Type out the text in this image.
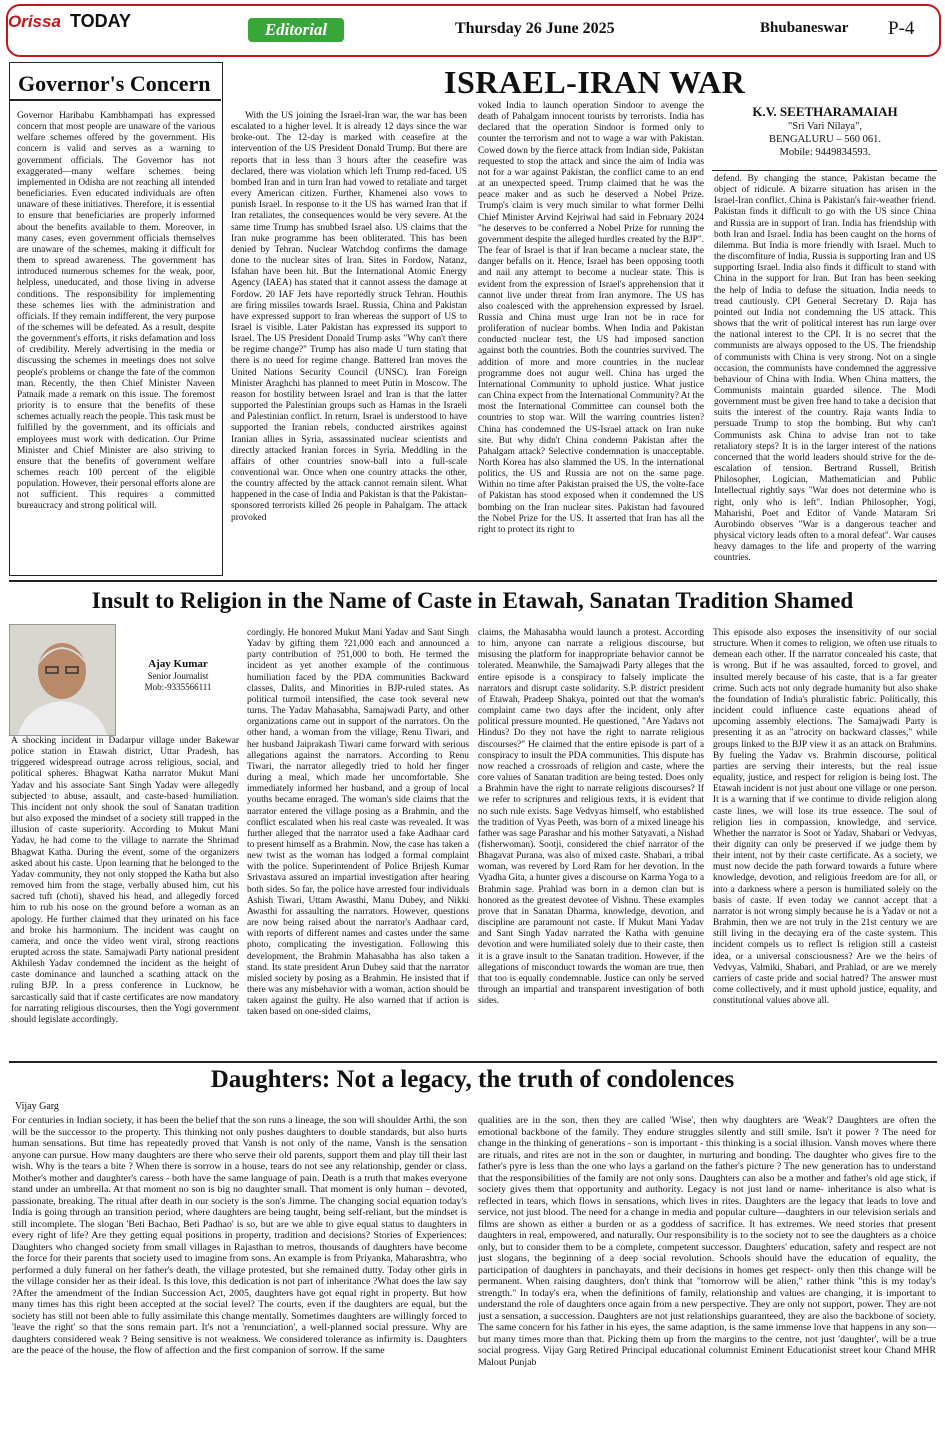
Orissa TODAY	Editorial	Thursday 26 June 2025	Bhubaneswar P-4
Governor's Concern

Governor Haribabu Kambhampati has expressed concern that most people are unaware of the various welfare schemes offered by the government. His concern is valid and serves as a warning to government officials. The Governor has not exaggerated—many welfare schemes being implemented in Odisha are not reaching all intended beneficiaries. Even educated individuals are often unaware of these initiatives. Therefore, it is essential to ensure that beneficiaries are properly informed about the benefits available to them. Moreover, in many cases, even government officials themselves are unaware of the schemes, making it difficult for them to spread awareness. The government has introduced numerous schemes for the weak, poor, helpless, uneducated, and those living in adverse conditions. The responsibility for implementing these schemes lies with the administration and officials. If they remain indifferent, the very purpose of the schemes will be defeated. As a result, despite the government's efforts, it risks defamation and loss of credibility. Merely advertising in the media or discussing the schemes in meetings does not solve people's problems or change the fate of the common man. Recently, the then Chief Minister Naveen Patnaik made a remark on this issue. The foremost priority is to ensure that the benefits of these schemes actually reach the people. This task must be fulfilled by the government, and its officials and employees must work with dedication. Our Prime Minister and Chief Minister are also striving to ensure that the benefits of government welfare schemes reach 100 percent of the eligible population. However, their personal efforts alone are not sufficient. This requires a committed bureaucracy and strong political will.

ISRAEL-IRAN WAR

With the US joining the Israel-Iran war, the war has been escalated to a higher level. It is already 12 days since the war broke-out. The 12-day is marked with ceasefire at the intervention of the US President Donald Trump. But there are reports that in less than 3 hours after the ceasefire was declared, there was violation which left Trump red-faced. US bombed Iran and in turn Iran had vowed to retaliate and target every American citizen. Further, Khamenei also vows to punish Israel. In response to it the US has warned Iran that if Iran retaliates, the consequences would be very severe. At the same time Trump has snubbed Israel also. US claims that the Iran nuke programme has been obliterated. This has been denied by Tehran. Nuclear Watchdog confirms the damage done to the nuclear sites of Iran. Sites in Fordow, Natanz, Isfahan have been hit. But the International Atomic Energy Agency (IAEA) has stated that it cannot assess the damage at Fordow. 20 IAF Jets have reportedly struck Tehran. Houthis are firing missiles towards Israel. Russia, China and Pakistan have expressed support to Iran whereas the support of US to Israel is visible. Later Pakistan has expressed its support to Israel. The US President Donald Trump asks "Why can't there be regime change?" Trump has also made U turn stating that there is no need for regime change. Battered Iran moves the United Nations Security Council (UNSC). Iran Foreign Minister Araghchi has planned to meet Putin in Moscow. The reason for hostility between Israel and Iran is that the latter supported the Palestinian groups such as Hamas in the Israeli and Palestinian conflict. In return, Israel is understood to have supported the Iranian rebels, conducted airstrikes against Iranian allies in Syria, assassinated nuclear scientists and directly attacked Iranian forces in Syria. Meddling in the affairs of other countries snow-ball into a full-scale conventional war. Once when one country attacks the other, the country affected by the attack cannot remain silent. What happened in the case of India and Pakistan is that the Pakistan-sponsored terrorists killed 26 people in Pahalgam. The attack provoked

voked India to launch operation Sindoor to avenge the death of Pahalgam innocent tourists by terrorists. India has declared that the operation Sindoor is formed only to counter the terrorism and not to wage a war with Pakistan. Cowed down by the fierce attack from Indian side, Pakistan requested to stop the attack and since the aim of India was not for a war against Pakistan, the conflict came to an end at an unexpected speed. Trump claimed that he was the peace maker and as such he deserved a Nobel Prize. Trump's claim is very much similar to what former Delhi Chief Minister Arvind Kejriwal had said in February 2024 "he deserves to be conferred a Nobel Prize for running the government despite the alleged hurdles created by the BJP". The fear of Israel is that if Iran became a nuclear state, the danger befalls on it. Hence, Israel has been opposing tooth and nail any attempt to become a nuclear state. This is evident from the expression of Israel's apprehension that it cannot live under threat from Iran anymore. The US has also coalesced with the apprehension expressed by Israel. Russia and China must urge Iran not be in race for proliferation of nuclear bombs. When India and Pakistan conducted nuclear test, the US had imposed sanction against both the countries. Both the countries survived. The addition of more and more countries in the nuclear programme does not augur well. China has urged the International Community to uphold justice. What justice can China expect from the International Community? At the most the International Committee can counsel both the countries to stop war. Will the warring countries listen? China has condemned the US-Israel attack on Iran nuke site. But why didn't China condemn Pakistan after the Pahalgam attack? Selective condemnation is unacceptable. North Korea has also slammed the US. In the international politics, the US and Russia are not on the same page. Within no time after Pakistan praised the US, the volte-face of Pakistan has stood exposed when it condemned the US bombing on the Iran nuclear sites. Pakistan had favoured the Nobel Prize for the US. It asserted that Iran has all the right to protect its right to

K.V. SEETHARAMAIAH
"Sri Vari Nilaya",
BENGALURU – 560 061.
Mobile: 9449834593.

defend. By changing the stance, Pakistan became the object of ridicule. A bizarre situation has arisen in the Israel-Iran conflict. China is Pakistan's fair-weather friend. Pakistan finds it difficult to go with the US since China and Russia are in support of Iran. India has friendship with both Iran and Israel. India has been caught on the horns of dilemma. But India is more friendly with Israel. Much to the discomfiture of India, Russia is supporting Iran and US supporting Israel. India also finds it difficult to stand with China in the support for Iran. But Iran has been seeking the help of India to defuse the situation. India needs to tread cautiously. CPI General Secretary D. Raja has pointed out India not condemning the US attack. This shows that the writ of political interest has run large over the national interest to the CPI. It is no secret that the communists are always opposed to the US. The friendship of communists with China is very strong. Not on a single occasion, the communists have condemned the aggressive behaviour of China with India. When China matters, the Communists maintain guarded silence. The Modi government must be given free hand to take a decision that suits the interest of the country. Raja wants India to persuade Trump to stop the bombing. But why can't Communists ask China to advise Iran not to take retaliatory steps? It is in the larger interest of the nations concerned that the world leaders should strive for the de-escalation of tension. Bertrand Russell, British Philosopher, Logician, Mathematician and Public Intellectual rightly says "War does not determine who is right, only who is left". Indian Philosopher, Yogi, Maharishi, Poet and Editor of Vande Mataram Sri Aurobindo observes "War is a dangerous teacher and physical victory leads often to a moral defeat". War causes heavy damages to the life and property of the warring countries.

Insult to Religion in the Name of Caste in Etawah, Sanatan Tradition Shamed
Ajay Kumar
Senior Journalist
Mob:-9335566111

A shocking incident in Dadarpur village under Bakewar police station in Etawah district, Uttar Pradesh, has triggered widespread outrage across religious, social, and political spheres. Bhagwat Katha narrator Mukut Mani Yadav and his associate Sant Singh Yadav were allegedly subjected to abuse, assault, and caste-based humiliation. This incident not only shook the soul of Sanatan tradition but also exposed the mindset of a society still trapped in the illusion of caste superiority. According to Mukut Mani Yadav, he had come to the village to narrate the Shrimad Bhagwat Katha. During the event, some of the organizers asked about his caste. Upon learning that he belonged to the Yadav community, they not only stopped the Katha but also removed him from the stage, verbally abused him, cut his sacred tuft (choti), shaved his head, and allegedly forced him to rub his nose on the ground before a woman as an apology. He further claimed that they urinated on his face and broke his harmonium. The incident was caught on camera, and once the video went viral, strong reactions erupted across the state. Samajwadi Party national president Akhilesh Yadav condemned the incident as the height of caste dominance and launched a scathing attack on the ruling BJP. In a press conference in Lucknow, he sarcastically said that if caste certificates are now mandatory for narrating religious discourses, then the Yogi government should legislate accordingly.

cordingly. He honored Mukut Mani Yadav and Sant Singh Yadav by gifting them ?21,000 each and announced a party contribution of ?51,000 to both. He termed the incident as yet another example of the continuous humiliation faced by the PDA communities Backward classes, Dalits, and Minorities in BJP-ruled states. As political turmoil intensified, the case took several new turns. The Yadav Mahasabha, Samajwadi Party, and other organizations came out in support of the narrators. On the other hand, a woman from the village, Renu Tiwari, and her husband Jaiprakash Tiwari came forward with serious allegations against the narrators. According to Renu Tiwari, the narrator allegedly tried to hold her finger during a meal, which made her uncomfortable. She immediately informed her husband, and a group of local youths became enraged. The woman's side claims that the narrator entered the village posing as a Brahmin, and the conflict escalated when his real caste was revealed. It was further alleged that the narrator used a fake Aadhaar card to present himself as a Brahmin. Now, the case has taken a new twist as the woman has lodged a formal complaint with the police. Superintendent of Police Brijesh Kumar Srivastava assured an impartial investigation after hearing both sides. So far, the police have arrested four individuals Ashish Tiwari, Uttam Awasthi, Manu Dubey, and Nikki Awasthi for assaulting the narrators. However, questions are now being raised about the narrator's Aadhaar card, with reports of different names and castes under the same photo, complicating the investigation. Following this development, the Brahmin Mahasabha has also taken a stand. Its state president Arun Dubey said that the narrator misled society by posing as a Brahmin. He insisted that if there was any misbehavior with a woman, action should be taken against the guilty. He also warned that if action is taken based on one-sided claims,

claims, the Mahasabha would launch a protest. According to him, anyone can narrate a religious discourse, but misusing the platform for inappropriate behavior cannot be tolerated. Meanwhile, the Samajwadi Party alleges that the entire episode is a conspiracy to falsely implicate the narrators and disrupt caste solidarity. S.P. district president of Etawah, Pradeep Shakya, pointed out that the woman's complaint came two days after the incident, only after political pressure mounted. He questioned, "Are Yadavs not Hindus? Do they not have the right to narrate religious discourses?" He claimed that the entire episode is part of a conspiracy to insult the PDA communities. This dispute has now reached a crossroads of religion and caste, where the core values of Sanatan tradition are being tested. Does only a Brahmin have the right to narrate religious discourses? If we refer to scriptures and religious texts, it is evident that no such rule exists. Sage Vedvyas himself, who established the tradition of Vyas Peeth, was born of a mixed lineage his father was sage Parashar and his mother Satyavati, a Nishad (fisherwoman). Sootji, considered the chief narrator of the Bhagavat Purana, was also of mixed caste. Shabari, a tribal woman, was revered by Lord Ram for her devotion. In the Vyadha Gita, a hunter gives a discourse on Karma Yoga to a Brahmin sage. Prahlad was born in a demon clan but is honored as the greatest devotee of Vishnu. These examples prove that in Sanatan Dharma, knowledge, devotion, and discipline are paramount not caste. If Mukut Mani Yadav and Sant Singh Yadav narrated the Katha with genuine devotion and were humiliated solely due to their caste, then it is a grave insult to the Sanatan tradition. However, if the allegations of misconduct towards the woman are true, then that too is equally condemnable. Justice can only be served through an impartial and transparent investigation of both sides.

This episode also exposes the insensitivity of our social structure. When it comes to religion, we often use rituals to demean each other. If the narrator concealed his caste, that is wrong. But if he was assaulted, forced to grovel, and insulted merely because of his caste, that is a far greater crime. Such acts not only degrade humanity but also shake the foundation of India's pluralistic fabric. Politically, this incident could influence caste equations ahead of upcoming assembly elections. The Samajwadi Party is presenting it as an "atrocity on backward classes," while groups linked to the BJP view it as an attack on Brahmins. By fueling the Yadav vs. Brahmin discourse, political parties are serving their interests, but the real issue equality, justice, and respect for religion is being lost. The Etawah incident is not just about one village or one person. It is a warning that if we continue to divide religion along caste lines, we will lose its true essence. The soul of religion lies in compassion, knowledge, and service. Whether the narrator is Soot or Yadav, Shabari or Vedvyas, their dignity can only be preserved if we judge them by their intent, not by their caste certificate. As a society, we must now decide the path forward towards a future where knowledge, devotion, and religious freedom are for all, or into a darkness where a person is humiliated solely on the basis of caste. If even today we cannot accept that a narrator is not wrong simply because he is a Yadav or not a Brahmin, then we are not truly in the 21st century we are still living in the decaying era of the caste system. This incident compels us to reflect Is religion still a casteist idea, or a universal consciousness? Are we the heirs of Vedvyas, Valmiki, Shabari, and Prahlad, or are we merely carriers of caste pride and social hatred? The answer must come collectively, and it must uphold justice, equality, and constitutional values above all.

Daughters: Not a legacy, the truth of condolences
Vijay Garg

For centuries in Indian society, it has been the belief that the son runs a lineage, the son will shoulder Arthi, the son will be the successor to the property. This thinking not only pushes daughters to double standards, but also hurts human sensations. But time has repeatedly proved that Vansh is not only of the name, Vansh is the sensation anyone can pursue. How many daughters are there who serve their old parents, support them and play till their last wish. Why is the tears a bite ? When there is sorrow in a house, tears do not see any relationship, gender or class. Mother's mother and daughter's caress - both have the same language of pain. Death is a truth that makes everyone stand under an umbrella. At that moment no son is big no daughter small. That moment is only human – devoted, passionate, breaking. The ritual after death in our society is the son's Jimme. The changing social equation today's India is going through an transition period, where daughters are being taught, being self-reliant, but the mindset is still incomplete. The slogan 'Beti Bachao, Beti Padhao' is so, but are we able to give equal status to daughters in every right of life? Are they getting equal positions in property, tradition and decisions? Stories of Experiences: Daughters who changed society from small villages in Rajasthan to metros, thousands of daughters have become the force for their parents that society used to imagine from sons. An example is from Priyanka, Maharashtra, who performed a duly funeral on her father's death, the village protested, but she remained dutty. Today other girls in the village consider her as their ideal. Is this love, this dedication is not part of inheritance ?What does the law say ?After the amendment of the Indian Succession Act, 2005, daughters have got equal right in property. But how many times has this right been accepted at the social level? The courts, even if the daughters are equal, but the society has still not been able to fully assimilate this change mentally. Sometimes daughters are willingly forced to 'leave the right' so that the sons remain part. It's not a 'renunciation', a well-planned social pressure. Why are daughters considered weak ? Being sensitive is not weakness. We considered tolerance as infirmity is. Daughters are the peace of the house, the flow of affection and the first companion of sorrow. If the same

qualities are in the son, then they are called 'Wise', then why daughters are 'Weak'? Daughters are often the emotional backbone of the family. They endure struggles silently and still smile. Isn't it power ? The need for change in the thinking of generations - son is important - this thinking is a social illusion. Vansh moves where there are rituals, and rites are not in the son or daughter, in nurturing and bonding. The daughter who gives fire to the father's pyre is less than the one who lays a garland on the father's picture ? The new generation has to understand that the responsibilities of the family are not only sons. Daughters can also be a mother and father's old age stick, if society gives them that opportunity and authority. Legacy is not just land or name- inheritance is also what is reflected in tears, which flows in sensations, which lives in rites. Daughters are the legacy that leads to love and service, not just blood. The need for a change in media and popular culture—daughters in our television serials and films are shown as either a burden or as a goddess of sacrifice. It has extremes. We need stories that present daughters in real, empowered, and naturally. Our responsibility is to the society not to see the daughters as a choice only, but to consider them to be a complete, competent successor. Daughters' education, safety and respect are not just slogans, the beginning of a deep social revolution. Schools should have the education of equality, the participation of daughters in panchayats, and their decisions in homes get respect- only then this change will be permanent. When raising daughters, don't think that "tomorrow will be alien," rather think "this is my today's strength." In today's era, when the definitions of family, relationship and values are changing, it is important to understand the role of daughters once again from a new perspective. They are only not support, power. They are not just a sensation, a succession. Daughters are not just relationships guaranteed, they are also the backbone of society. The same concern for his father in his eyes, the same adaption, is the same immense love that happens in any son—but many times more than that. Picking them up from the margins to the centre, not just 'daughter', will be a true social progress. Vijay Garg Retired Principal educational columnist Eminent Educationist street kour Chand MHR Malout Punjab
